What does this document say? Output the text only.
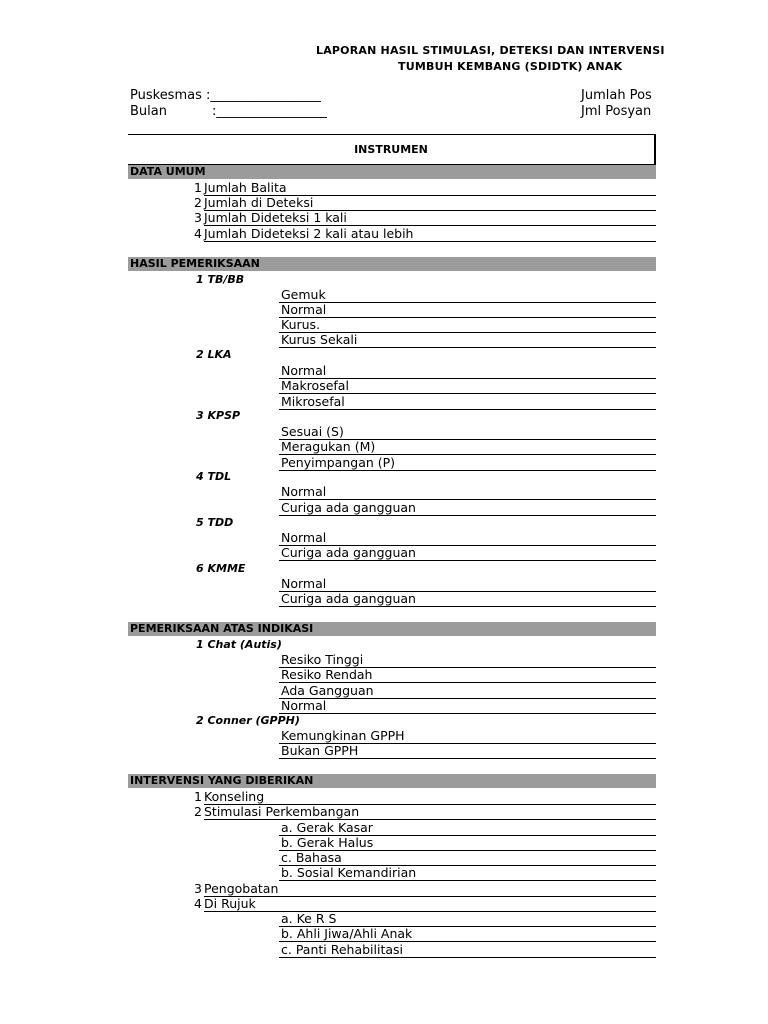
LAPORAN HASIL STIMULASI, DETEKSI DAN INTERVENSI
TUMBUH KEMBANG (SDIDTK) ANAK
Puskesmas :_________________
Bulan	:_________________
Jumlah Pos
Jml Posyan
INSTRUMEN
DATA UMUM
1 Jumlah Balita
2 Jumlah di Deteksi
3 Jumlah Dideteksi 1 kali
4 Jumlah Dideteksi 2 kali atau lebih
HASIL PEMERIKSAAN
1 TB/BB
Gemuk
Normal
Kurus.
Kurus Sekali
2 LKA
Normal
Makrosefal
Mikrosefal
3 KPSP
Sesuai (S)
Meragukan (M)
Penyimpangan (P)
4 TDL
Normal
Curiga ada gangguan
5 TDD
Normal
Curiga ada gangguan
6 KMME
Normal
Curiga ada gangguan
PEMERIKSAAN ATAS INDIKASI
1 Chat (Autis)
Resiko Tinggi
Resiko Rendah
Ada Gangguan
Normal
2 Conner (GPPH)
Kemungkinan GPPH
Bukan GPPH
INTERVENSI YANG DIBERIKAN
1 Konseling
2 Stimulasi Perkembangan
a. Gerak Kasar
b. Gerak Halus
c. Bahasa
b. Sosial Kemandirian
3 Pengobatan
4 Di Rujuk
a. Ke R S
b. Ahli Jiwa/Ahli Anak
c. Panti Rehabilitasi
